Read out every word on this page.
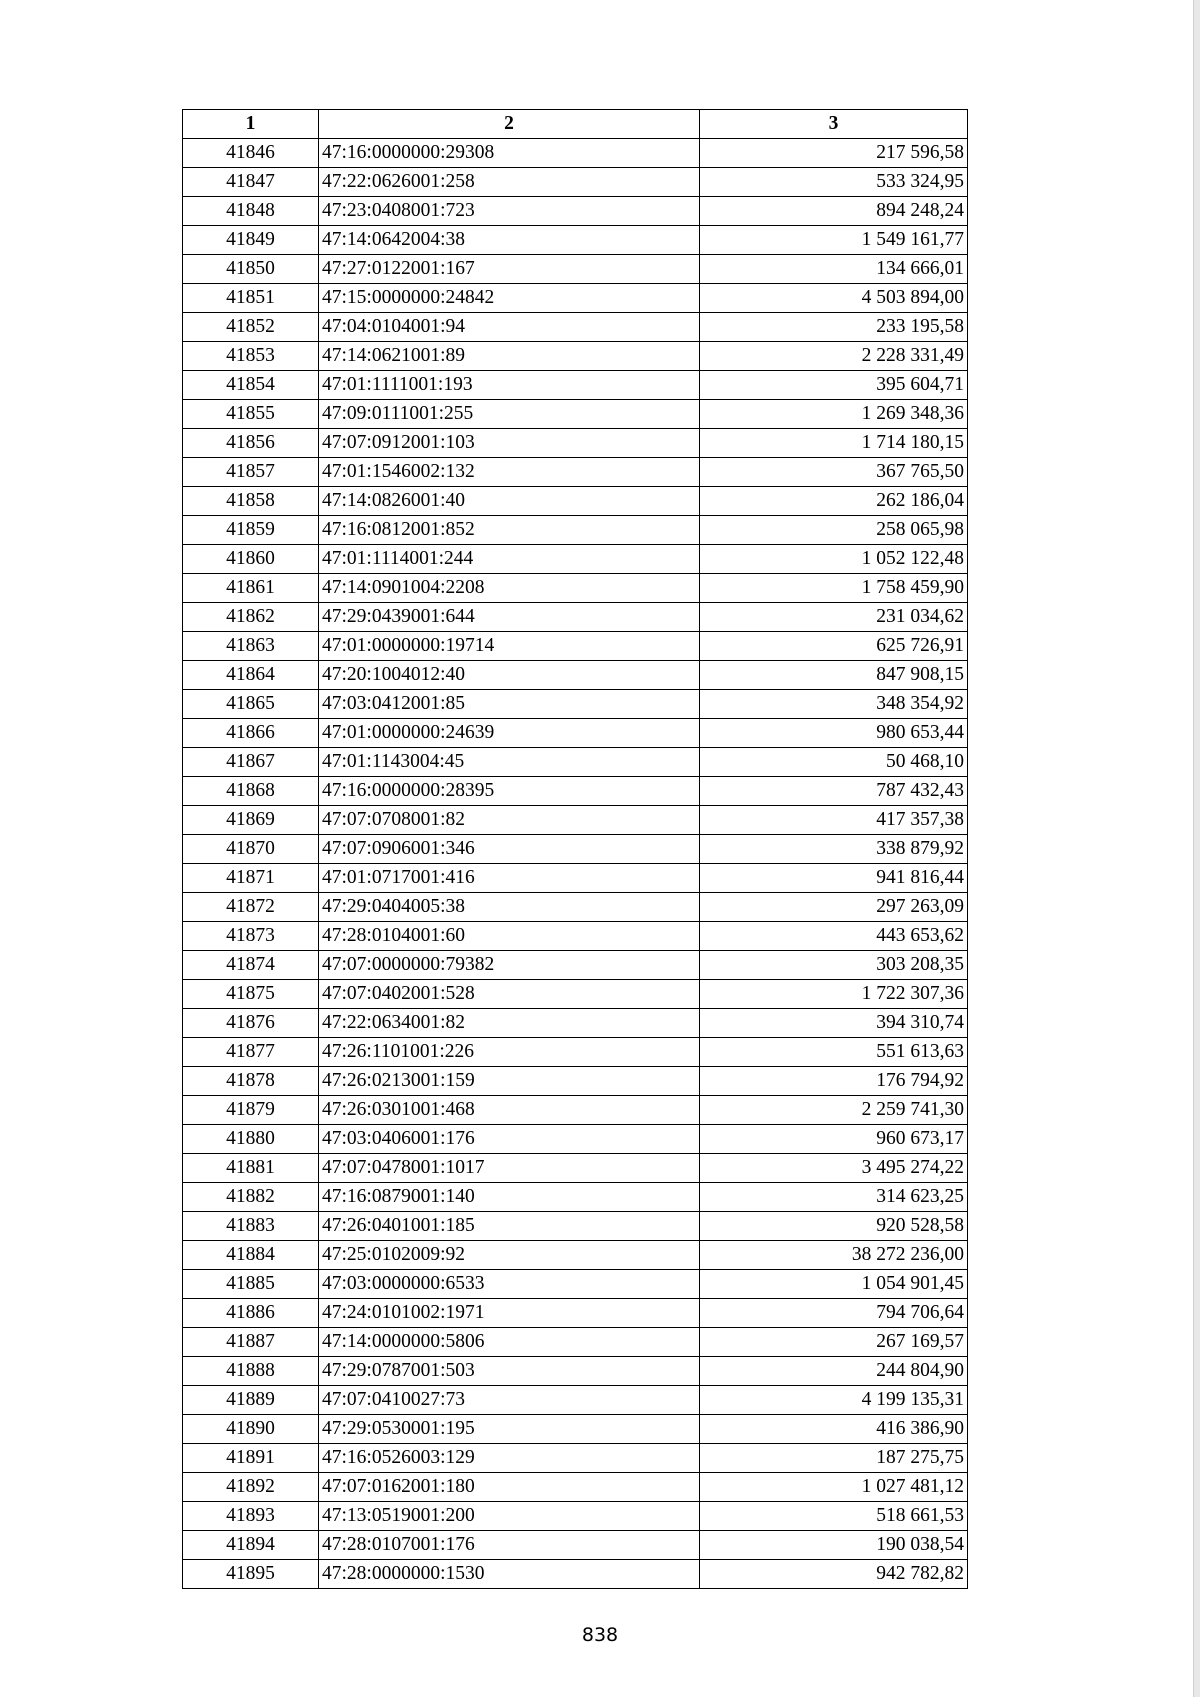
1	2	3
41846	47:16:0000000:29308	217 596,58
41847	47:22:0626001:258	533 324,95
41848	47:23:0408001:723	894 248,24
41849	47:14:0642004:38	1 549 161,77
41850	47:27:0122001:167	134 666,01
41851	47:15:0000000:24842	4 503 894,00
41852	47:04:0104001:94	233 195,58
41853	47:14:0621001:89	2 228 331,49
41854	47:01:1111001:193	395 604,71
41855	47:09:0111001:255	1 269 348,36
41856	47:07:0912001:103	1 714 180,15
41857	47:01:1546002:132	367 765,50
41858	47:14:0826001:40	262 186,04
41859	47:16:0812001:852	258 065,98
41860	47:01:1114001:244	1 052 122,48
41861	47:14:0901004:2208	1 758 459,90
41862	47:29:0439001:644	231 034,62
41863	47:01:0000000:19714	625 726,91
41864	47:20:1004012:40	847 908,15
41865	47:03:0412001:85	348 354,92
41866	47:01:0000000:24639	980 653,44
41867	47:01:1143004:45	50 468,10
41868	47:16:0000000:28395	787 432,43
41869	47:07:0708001:82	417 357,38
41870	47:07:0906001:346	338 879,92
41871	47:01:0717001:416	941 816,44
41872	47:29:0404005:38	297 263,09
41873	47:28:0104001:60	443 653,62
41874	47:07:0000000:79382	303 208,35
41875	47:07:0402001:528	1 722 307,36
41876	47:22:0634001:82	394 310,74
41877	47:26:1101001:226	551 613,63
41878	47:26:0213001:159	176 794,92
41879	47:26:0301001:468	2 259 741,30
41880	47:03:0406001:176	960 673,17
41881	47:07:0478001:1017	3 495 274,22
41882	47:16:0879001:140	314 623,25
41883	47:26:0401001:185	920 528,58
41884	47:25:0102009:92	38 272 236,00
41885	47:03:0000000:6533	1 054 901,45
41886	47:24:0101002:1971	794 706,64
41887	47:14:0000000:5806	267 169,57
41888	47:29:0787001:503	244 804,90
41889	47:07:0410027:73	4 199 135,31
41890	47:29:0530001:195	416 386,90
41891	47:16:0526003:129	187 275,75
41892	47:07:0162001:180	1 027 481,12
41893	47:13:0519001:200	518 661,53
41894	47:28:0107001:176	190 038,54
41895	47:28:0000000:1530	942 782,82
838
